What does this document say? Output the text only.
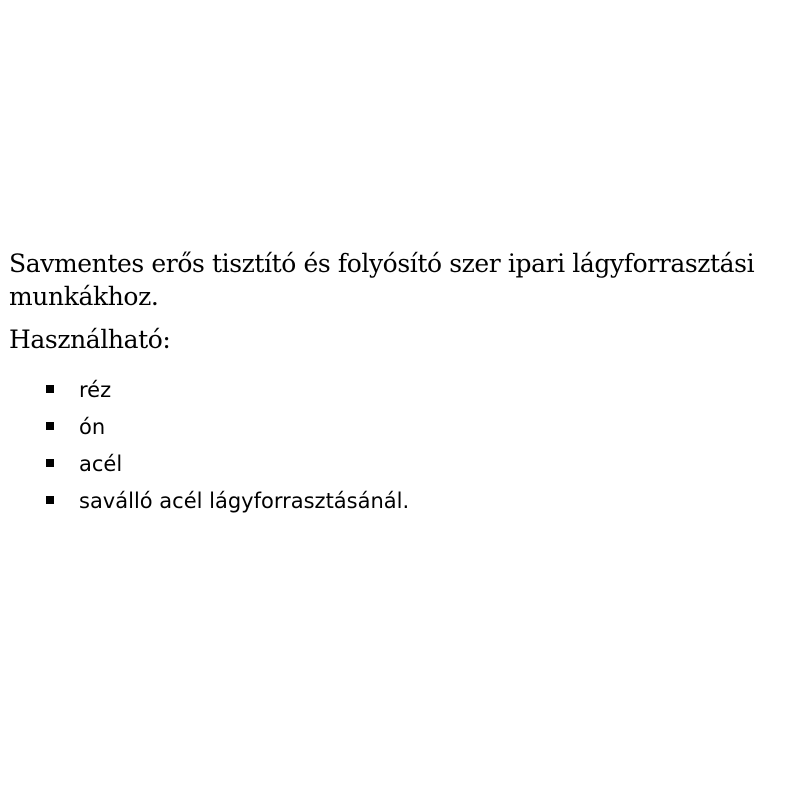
Savmentes erős tisztító és folyósító szer ipari lágyforrasztási munkákhoz.

Használható:

réz
ón
acél
saválló acél lágyforrasztásánál.
